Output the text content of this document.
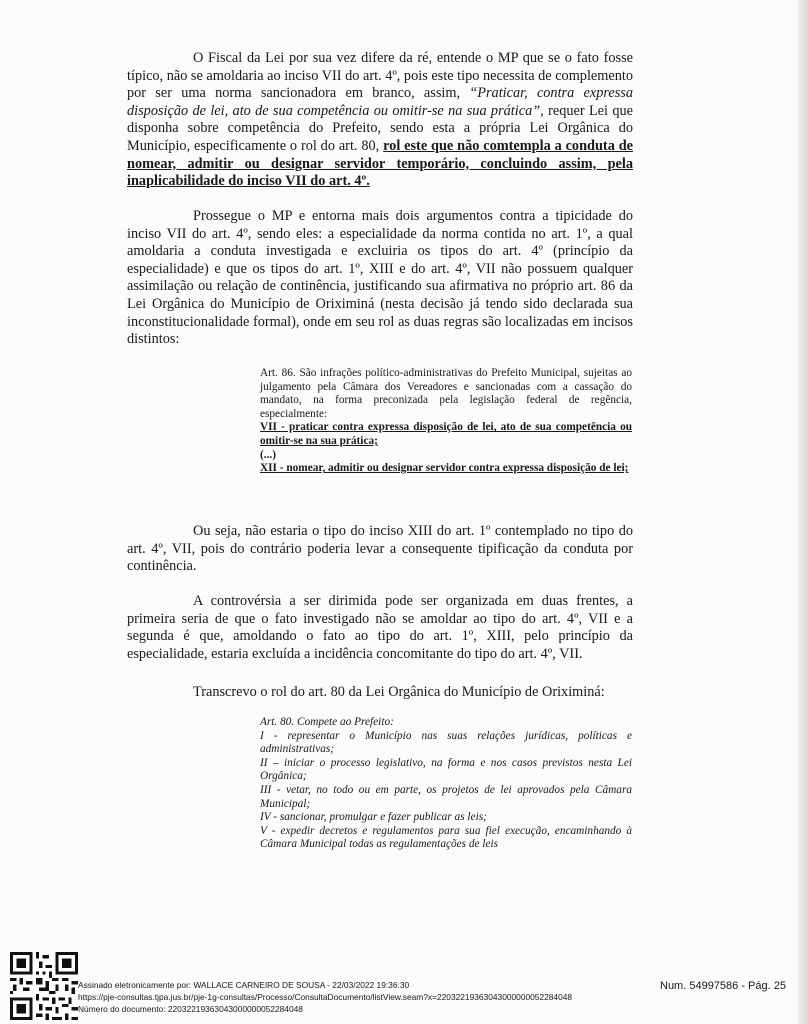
O Fiscal da Lei por sua vez difere da ré, entende o MP que se o fato fosse típico, não se amoldaria ao inciso VII do art. 4º, pois este tipo necessita de complemento por ser uma norma sancionadora em branco, assim, “Praticar, contra expressa disposição de lei, ato de sua competência ou omitir-se na sua prática”, requer Lei que disponha sobre competência do Prefeito, sendo esta a própria Lei Orgânica do Município, especificamente o rol do art. 80, rol este que não comtempla a conduta de nomear, admitir ou designar servidor temporário, concluindo assim, pela inaplicabilidade do inciso VII do art. 4º.

Prossegue o MP e entorna mais dois argumentos contra a tipicidade do inciso VII do art. 4º, sendo eles: a especialidade da norma contida no art. 1º, a qual amoldaria a conduta investigada e excluiria os tipos do art. 4º (princípio da especialidade) e que os tipos do art. 1º, XIII e do art. 4º, VII não possuem qualquer assimilação ou relação de continência, justificando sua afirmativa no próprio art. 86 da Lei Orgânica do Município de Oriximiná (nesta decisão já tendo sido declarada sua inconstitucionalidade formal), onde em seu rol as duas regras são localizadas em incisos distintos:

Art. 86. São infrações político-administrativas do Prefeito Municipal, sujeitas ao julgamento pela Câmara dos Vereadores e sancionadas com a cassação do mandato, na forma preconizada pela legislação federal de regência, especialmente:
VII - praticar contra expressa disposição de lei, ato de sua competência ou omitir-se na sua prática;
(...)
XII - nomear, admitir ou designar servidor contra expressa disposição de lei;

Ou seja, não estaria o tipo do inciso XIII do art. 1º contemplado no tipo do art. 4º, VII, pois do contrário poderia levar a consequente tipificação da conduta por continência.

A controvérsia a ser dirimida pode ser organizada em duas frentes, a primeira seria de que o fato investigado não se amoldar ao tipo do art. 4º, VII e a segunda é que, amoldando o fato ao tipo do art. 1º, XIII, pelo princípio da especialidade, estaria excluída a incidência concomitante do tipo do art. 4º, VII.

Transcrevo o rol do art. 80 da Lei Orgânica do Município de Oriximiná:

Art. 80. Compete ao Prefeito:
I - representar o Município nas suas relações jurídicas, políticas e administrativas;
II – iniciar o processo legislativo, na forma e nos casos previstos nesta Lei Orgânica;
III - vetar, no todo ou em parte, os projetos de lei aprovados pela Câmara Municipal;
IV - sancionar, promulgar e fazer publicar as leis;
V - expedir decretos e regulamentos para sua fiel execução, encaminhando à Câmara Municipal todas as regulamentações de leis
Assinado eletronicamente por: WALLACE CARNEIRO DE SOUSA - 22/03/2022 19:36:30
https://pje-consultas.tjpa.jus.br/pje-1g-consultas/Processo/ConsultaDocumento/listView.seam?x=22032219363043000000052284048
Número do documento: 22032219363043000000052284048
Num. 54997586 - Pág. 25
